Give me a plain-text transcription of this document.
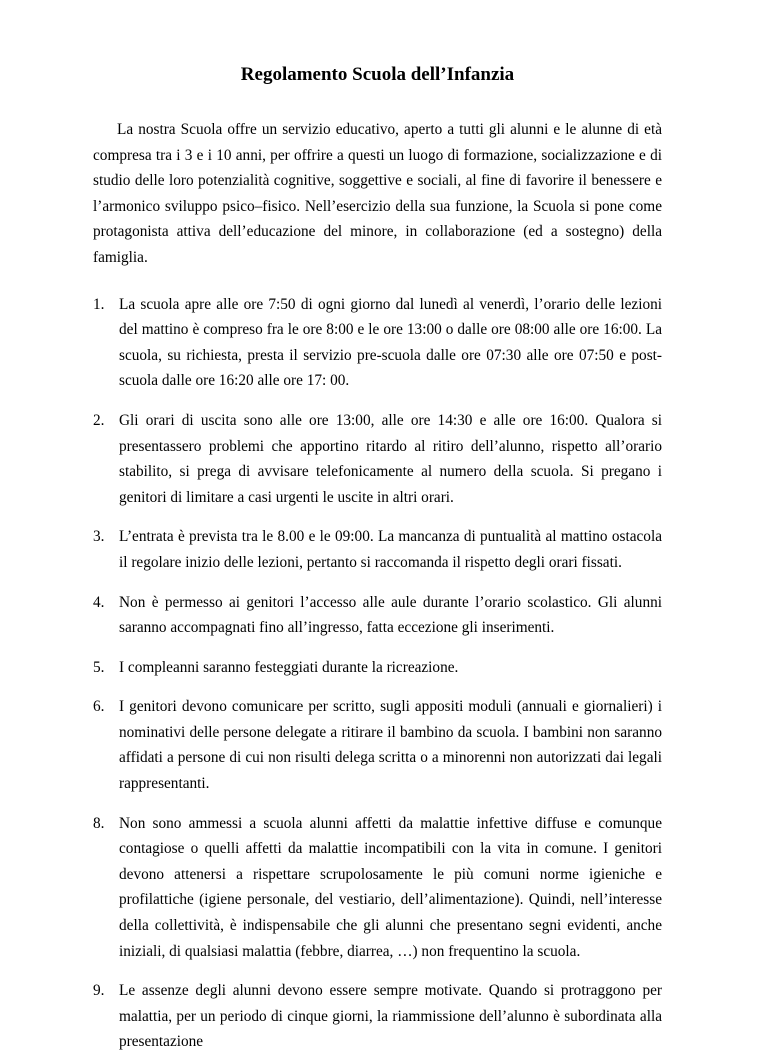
Regolamento Scuola dell’Infanzia

La nostra Scuola offre un servizio educativo, aperto a tutti gli alunni e le alunne di età compresa tra i 3 e i 10 anni, per offrire a questi un luogo di formazione, socializzazione e di studio delle loro potenzialità cognitive, soggettive e sociali, al fine di favorire il benessere e l’armonico sviluppo psico–fisico. Nell’esercizio della sua funzione, la Scuola si pone come protagonista attiva dell’educazione del minore, in collaborazione (ed a sostegno) della famiglia.

1. La scuola apre alle ore 7:50 di ogni giorno dal lunedì al venerdì, l’orario delle lezioni del mattino è compreso fra le ore 8:00 e le ore 13:00 o dalle ore 08:00 alle ore 16:00. La scuola, su richiesta, presta il servizio pre-scuola dalle ore 07:30 alle ore 07:50 e post-scuola dalle ore 16:20 alle ore 17: 00.
2. Gli orari di uscita sono alle ore 13:00, alle ore 14:30 e alle ore 16:00. Qualora si presentassero problemi che apportino ritardo al ritiro dell’alunno, rispetto all’orario stabilito, si prega di avvisare telefonicamente al numero della scuola. Si pregano i genitori di limitare a casi urgenti le uscite in altri orari.
3. L’entrata è prevista tra le 8.00 e le 09:00. La mancanza di puntualità al mattino ostacola il regolare inizio delle lezioni, pertanto si raccomanda il rispetto degli orari fissati.
4. Non è permesso ai genitori l’accesso alle aule durante l’orario scolastico. Gli alunni saranno accompagnati fino all’ingresso, fatta eccezione gli inserimenti.
5. I compleanni saranno festeggiati durante la ricreazione.
6. I genitori devono comunicare per scritto, sugli appositi moduli (annuali e giornalieri) i nominativi delle persone delegate a ritirare il bambino da scuola. I bambini non saranno affidati a persone di cui non risulti delega scritta o a minorenni non autorizzati dai legali rappresentanti.
8. Non sono ammessi a scuola alunni affetti da malattie infettive diffuse e comunque contagiose o quelli affetti da malattie incompatibili con la vita in comune. I genitori devono attenersi a rispettare scrupolosamente le più comuni norme igieniche e profilattiche (igiene personale, del vestiario, dell’alimentazione). Quindi, nell’interesse della collettività, è indispensabile che gli alunni che presentano segni evidenti, anche iniziali, di qualsiasi malattia (febbre, diarrea, …) non frequentino la scuola.
9. Le assenze degli alunni devono essere sempre motivate. Quando si protraggono per malattia, per un periodo di cinque giorni, la riammissione dell’alunno è subordinata alla presentazione
